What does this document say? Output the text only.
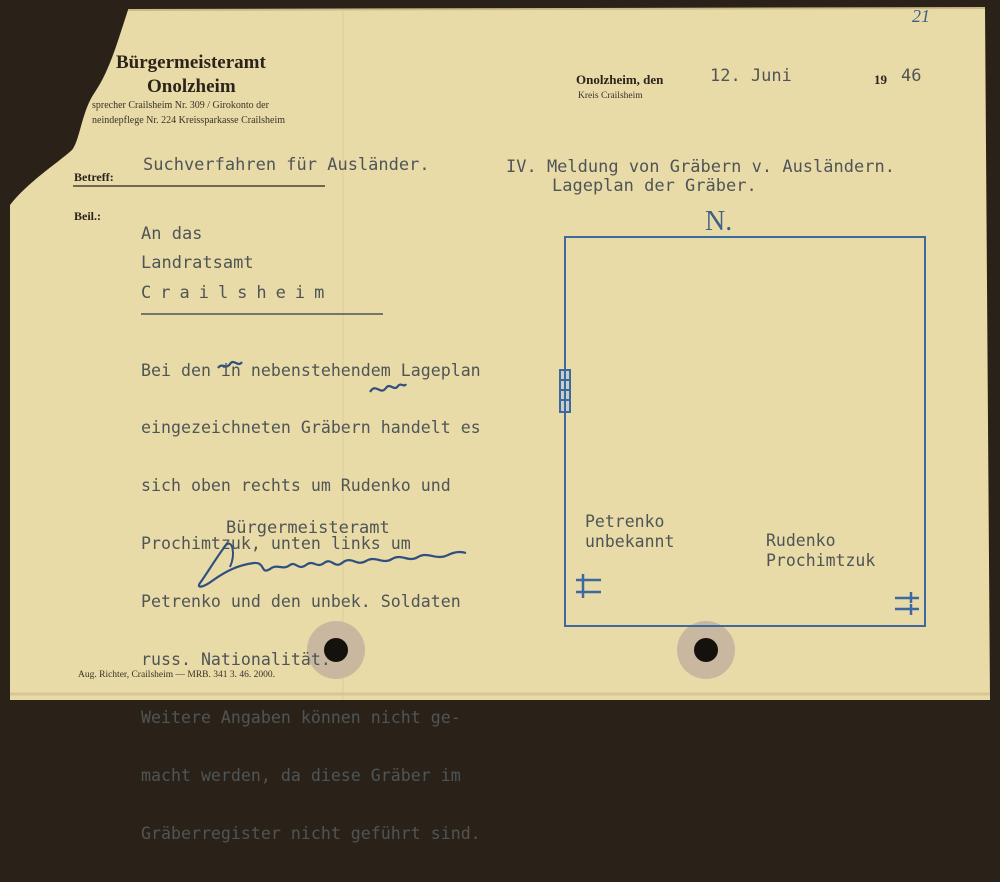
Bürgermeisteramt
Onolzheim
sprecher Crailsheim Nr. 309 / Girokonto der
neindepflege Nr. 224 Kreissparkasse Crailsheim
Onolzheim, den
Kreis Crailsheim
12. Juni	19 46
21
Betreff:
Suchverfahren für Ausländer.	IV. Meldung von Gräbern v. Ausländern.
Lageplan der Gräber.
Beil.:
An das
Landratsamt
Crailsheim

Bei den in nebenstehendem Lageplan

eingezeichneten Gräbern handelt es

sich oben rechts um Rudenko und

Prochimtzuk, unten links um

Petrenko und den unbek. Soldaten

russ. Nationalität.

Weitere Angaben können nicht ge-

macht werden, da diese Gräber im

Gräberregister nicht geführt sind.

Bürgermeisteramt
N.
Petrenko
unbekannt	Rudenko
Prochimtzuk
Aug. Richter, Crailsheim — MRB. 341 3. 46. 2000.
